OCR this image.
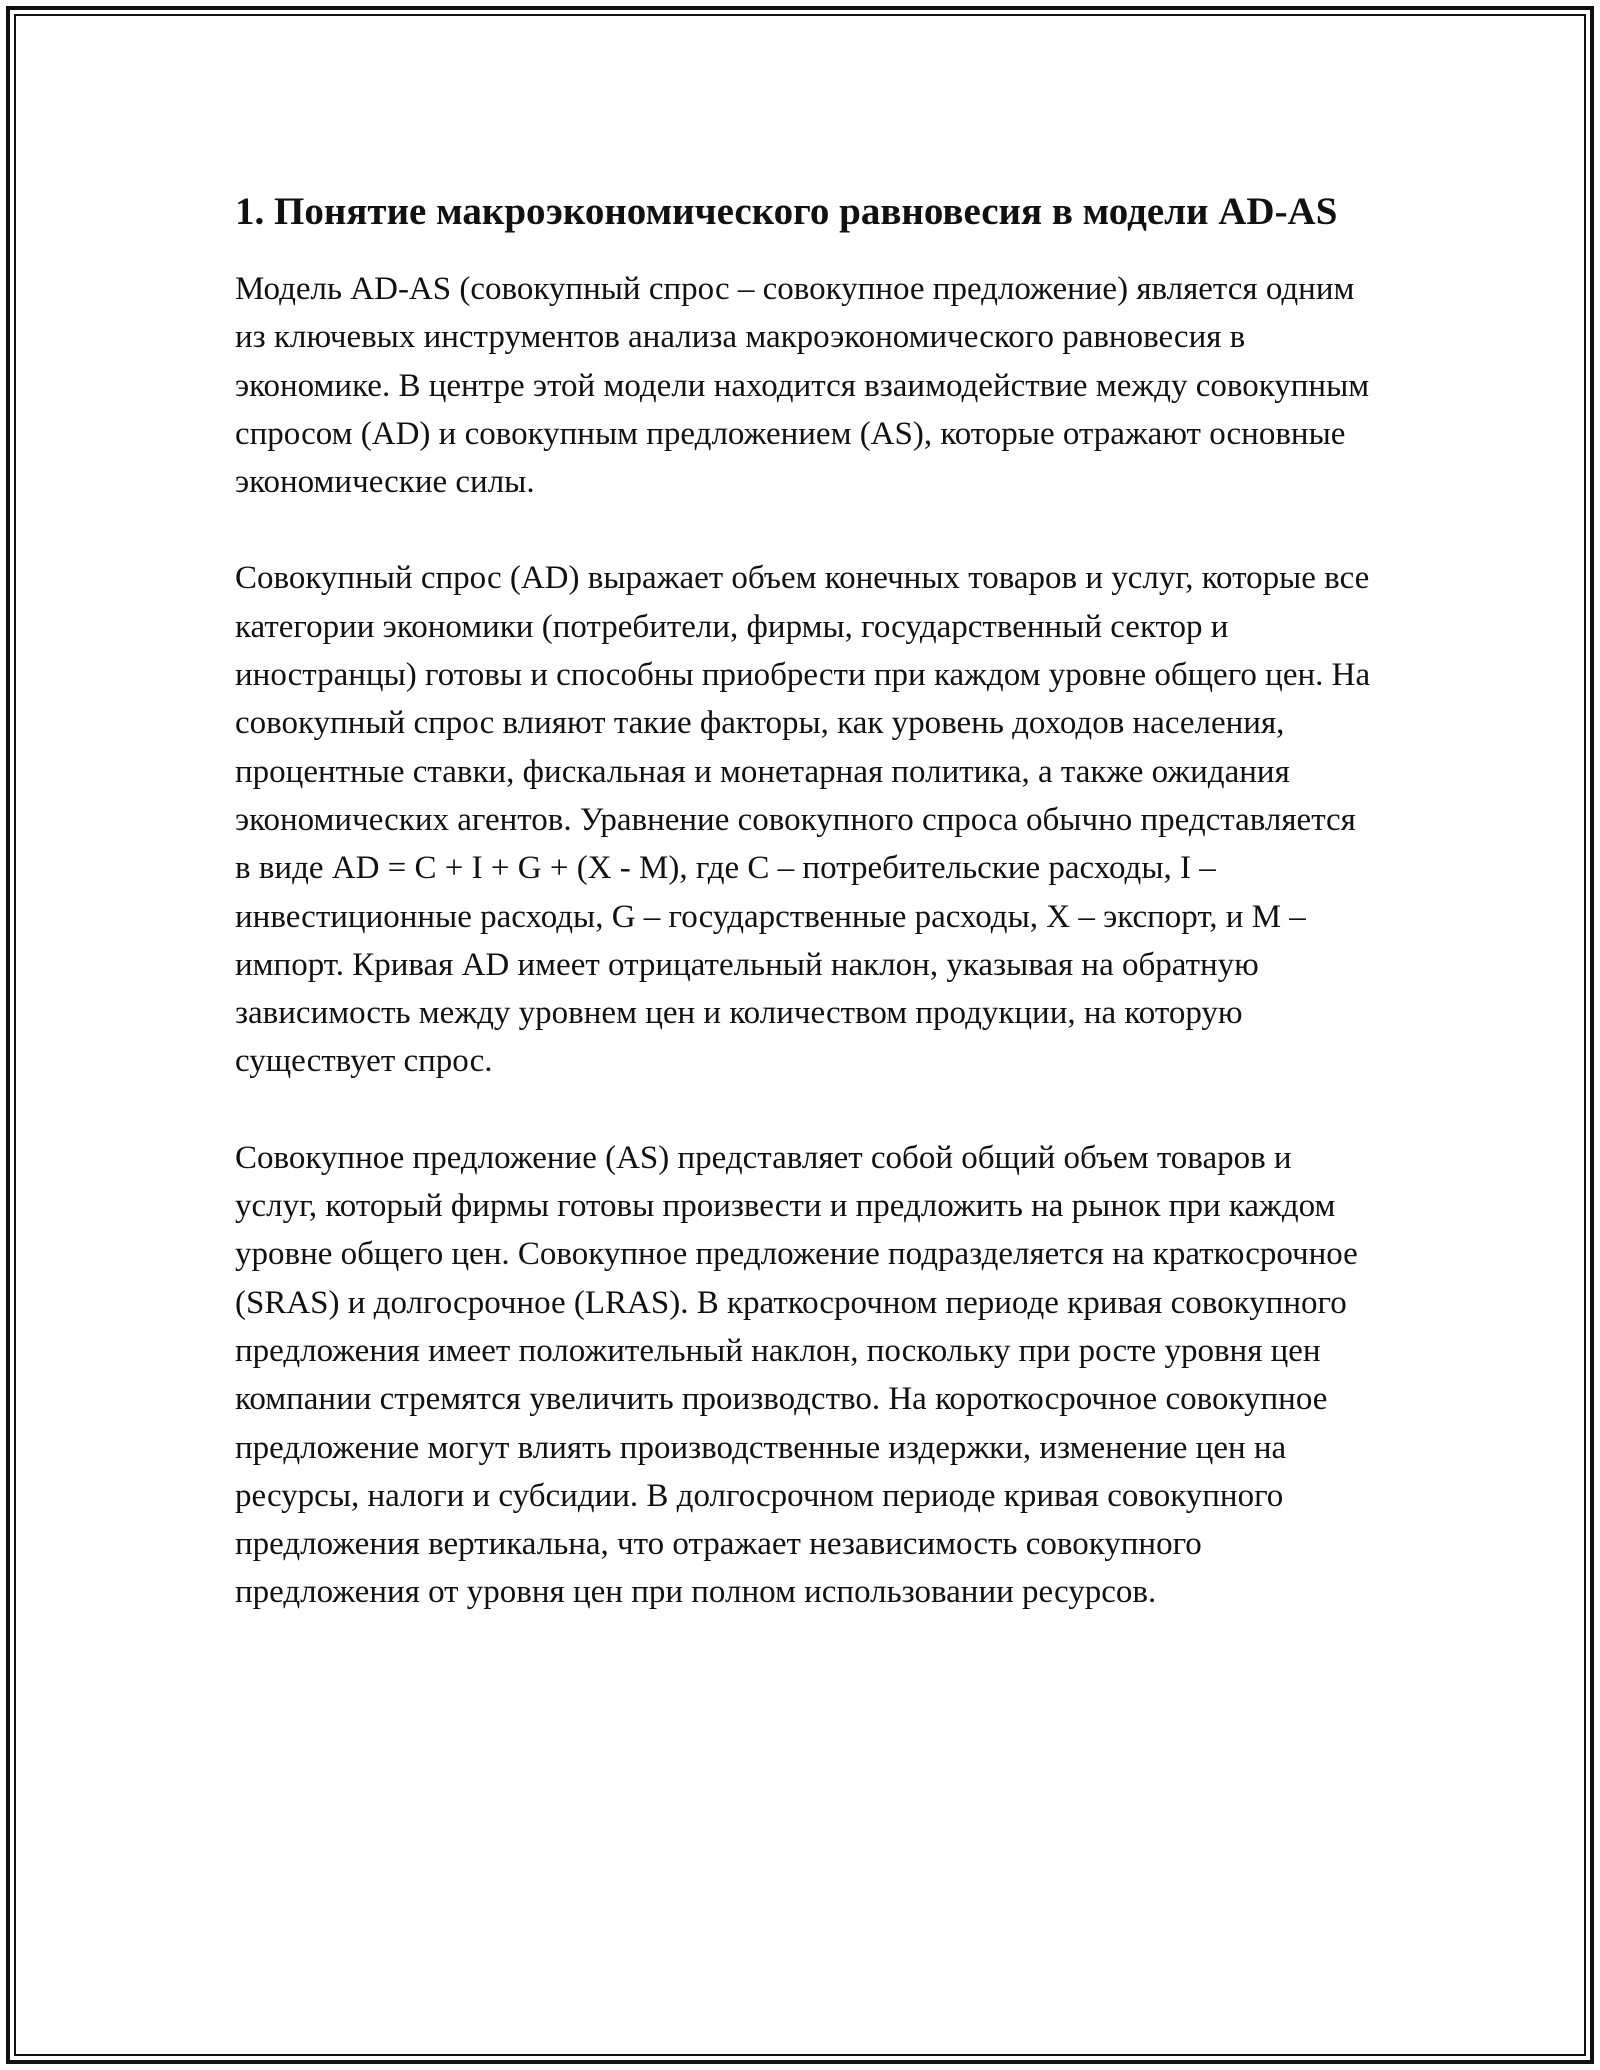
1. Понятие макроэкономического равновесия в модели AD-AS

Модель AD-AS (совокупный спрос – совокупное предложение) является одним из ключевых инструментов анализа макроэкономического равновесия в экономике. В центре этой модели находится взаимодействие между совокупным спросом (AD) и совокупным предложением (AS), которые отражают основные экономические силы.

Совокупный спрос (AD) выражает объем конечных товаров и услуг, которые все категории экономики (потребители, фирмы, государственный сектор и иностранцы) готовы и способны приобрести при каждом уровне общего цен. На совокупный спрос влияют такие факторы, как уровень доходов населения, процентные ставки, фискальная и монетарная политика, а также ожидания экономических агентов. Уравнение совокупного спроса обычно представляется в виде AD = C + I + G + (X - M), где C – потребительские расходы, I – инвестиционные расходы, G – государственные расходы, X – экспорт, и M – импорт. Кривая AD имеет отрицательный наклон, указывая на обратную зависимость между уровнем цен и количеством продукции, на которую существует спрос.

Совокупное предложение (AS) представляет собой общий объем товаров и услуг, который фирмы готовы произвести и предложить на рынок при каждом уровне общего цен. Совокупное предложение подразделяется на краткосрочное (SRAS) и долгосрочное (LRAS). В краткосрочном периоде кривая совокупного предложения имеет положительный наклон, поскольку при росте уровня цен компании стремятся увеличить производство. На короткосрочное совокупное предложение могут влиять производственные издержки, изменение цен на ресурсы, налоги и субсидии. В долгосрочном периоде кривая совокупного предложения вертикальна, что отражает независимость совокупного предложения от уровня цен при полном использовании ресурсов.
